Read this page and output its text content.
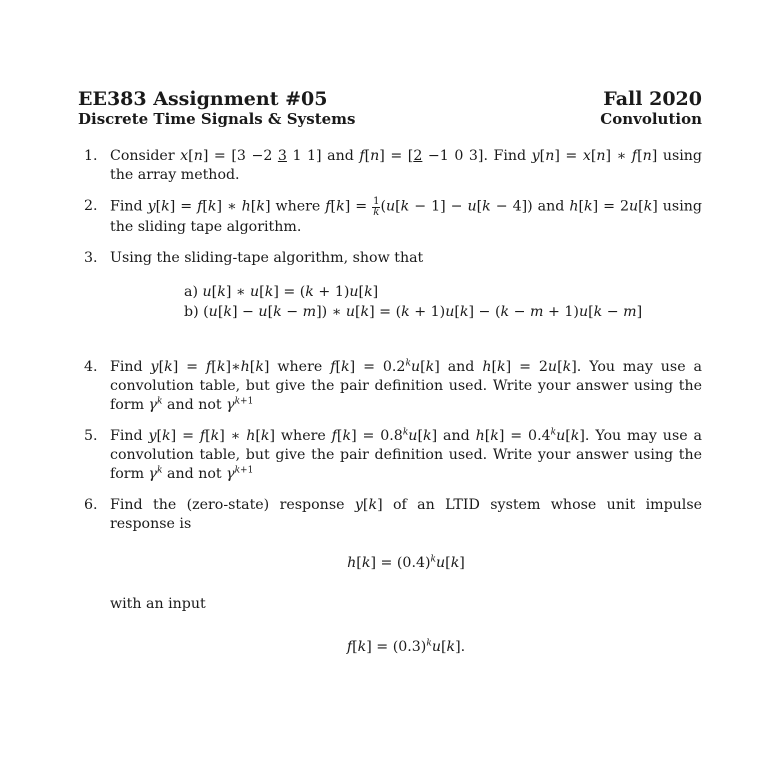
EE383 Assignment #05
Discrete Time Signals & Systems
Fall 2020
Convolution
1. Consider x[n] = [3 −2 3 1 1] and f[n] = [2 −1 0 3]. Find y[n] = x[n] ∗ f[n] using the array method.
2. Find y[k] = f[k] ∗ h[k] where $f[k] = \frac{1}{k} (u[k - 1] - u[k - 4])$ and h[k] = 2u[k] using the sliding tape algorithm.
3. Using the sliding-tape algorithm, show that
a) u[k] ∗ u[k] = (k + 1)u[k]
b) (u[k] − u[k − m]) ∗ u[k] = (k + 1)u[k] − (k − m + 1)u[k − m]
4. Find y[k] = f[k]∗h[k] where $f[k] = 0.2^ku[k]$ and h[k] = 2u[k]. You may use a convolution table, but give the pair definition used. Write your answer using the form $\gamma^k$ and not $\gamma^{k+1}$
5. Find y[k] = f[k] ∗ h[k] where $f[k] = 0.8^ku[k]$ and $h[k] = 0.4^ku[k]$. You may use a convolution table, but give the pair definition used. Write your answer using the form $\gamma^k$ and not $\gamma^{k+1}$
6. Find the (zero-state) response y[k] of an LTID system whose unit impulse response is
$h[k] = (0.4)^ku[k]$
with an input
$f[k] = (0.3)^ku[k]$.
